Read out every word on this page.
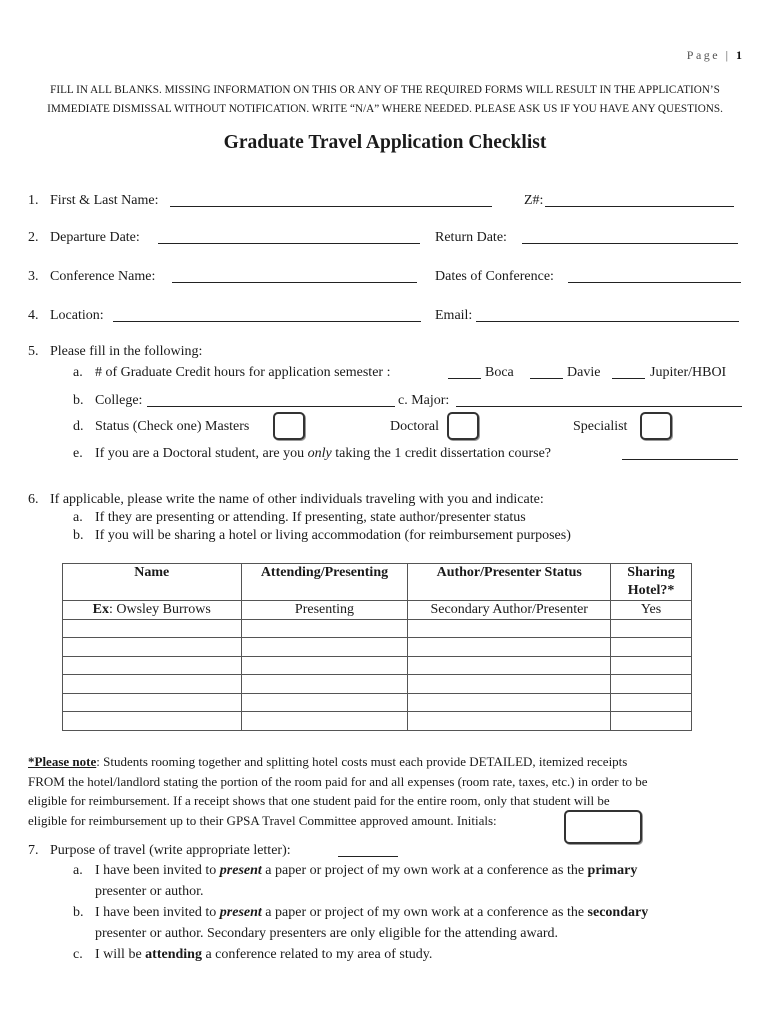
Page | 1
FILL IN ALL BLANKS. MISSING INFORMATION ON THIS OR ANY OF THE REQUIRED FORMS WILL RESULT IN THE APPLICATION’S
IMMEDIATE DISMISSAL WITHOUT NOTIFICATION. WRITE “N/A” WHERE NEEDED. PLEASE ASK US IF YOU HAVE ANY QUESTIONS.
Graduate Travel Application Checklist
1. First & Last Name:	Z#:
2. Departure Date:	Return Date:
3. Conference Name:	Dates of Conference:
4. Location:	Email:
5. Please fill in the following:
a. # of Graduate Credit hours for application semester :	Boca	Davie	Jupiter/HBOI
b. College:	c. Major:
d. Status (Check one) Masters	Doctoral	Specialist
e. If you are a Doctoral student, are you only taking the 1 credit dissertation course?
6. If applicable, please write the name of other individuals traveling with you and indicate:
a. If they are presenting or attending. If presenting, state author/presenter status
b. If you will be sharing a hotel or living accommodation (for reimbursement purposes)
Name	Attending/Presenting	Author/Presenter Status	Sharing
Hotel?*
Ex: Owsley Burrows	Presenting	Secondary Author/Presenter	Yes

*Please note: Students rooming together and splitting hotel costs must each provide DETAILED, itemized receipts
FROM the hotel/landlord stating the portion of the room paid for and all expenses (room rate, taxes, etc.) in order to be
eligible for reimbursement. If a receipt shows that one student paid for the entire room, only that student will be
eligible for reimbursement up to their GPSA Travel Committee approved amount. Initials:
7. Purpose of travel (write appropriate letter):
a. I have been invited to present a paper or project of my own work at a conference as the primary
presenter or author.
b. I have been invited to present a paper or project of my own work at a conference as the secondary
presenter or author. Secondary presenters are only eligible for the attending award.
c. I will be attending a conference related to my area of study.
